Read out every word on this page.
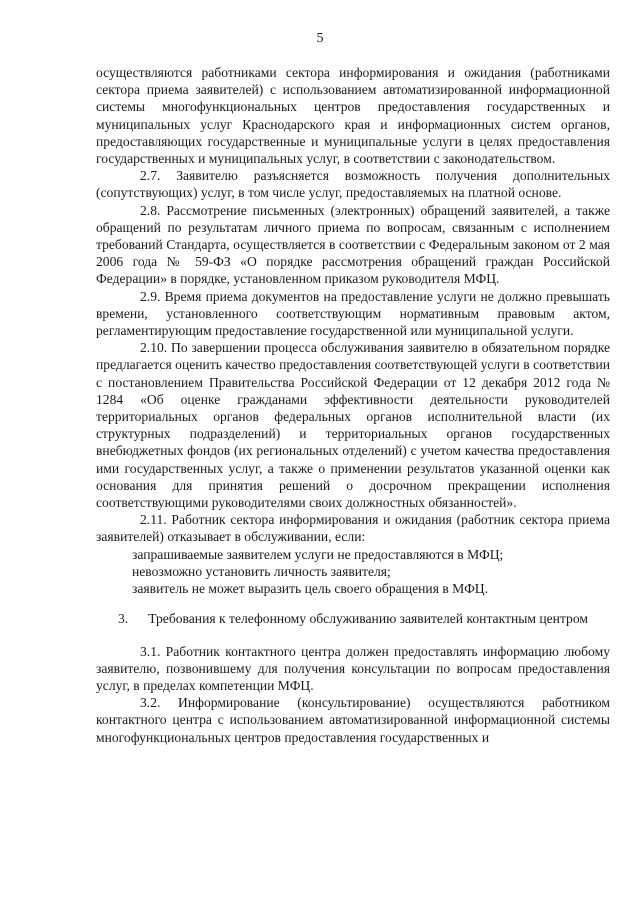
5

осуществляются работниками сектора информирования и ожидания (работниками сектора приема заявителей) с использованием автоматизированной информационной системы многофункциональных центров предоставления государственных и муниципальных услуг Краснодарского края и информационных систем органов, предоставляющих государственные и муниципальные услуги в целях предоставления государственных и муниципальных услуг, в соответствии с законодательством.

2.7. Заявителю разъясняется возможность получения дополнительных (сопутствующих) услуг, в том числе услуг, предоставляемых на платной основе.

2.8. Рассмотрение письменных (электронных) обращений заявителей, а также обращений по результатам личного приема по вопросам, связанным с исполнением требований Стандарта, осуществляется в соответствии с Федеральным законом от 2 мая 2006 года № 59-ФЗ «О порядке рассмотрения обращений граждан Российской Федерации» в порядке, установленном приказом руководителя МФЦ.

2.9. Время приема документов на предоставление услуги не должно превышать времени, установленного соответствующим нормативным правовым актом, регламентирующим предоставление государственной или муниципальной услуги.

2.10. По завершении процесса обслуживания заявителю в обязательном порядке предлагается оценить качество предоставления соответствующей услуги в соответствии с постановлением Правительства Российской Федерации от 12 декабря 2012 года № 1284 «Об оценке гражданами эффективности деятельности руководителей территориальных органов федеральных органов исполнительной власти (их структурных подразделений) и территориальных органов государственных внебюджетных фондов (их региональных отделений) с учетом качества предоставления ими государственных услуг, а также о применении результатов указанной оценки как основания для принятия решений о досрочном прекращении исполнения соответствующими руководителями своих должностных обязанностей».

2.11. Работник сектора информирования и ожидания (работник сектора приема заявителей) отказывает в обслуживании, если:

запрашиваемые заявителем услуги не предоставляются в МФЦ;

невозможно установить личность заявителя;

заявитель не может выразить цель своего обращения в МФЦ.

3. Требования к телефонному обслуживанию заявителей контактным центром

3.1. Работник контактного центра должен предоставлять информацию любому заявителю, позвонившему для получения консультации по вопросам предоставления услуг, в пределах компетенции МФЦ.

3.2. Информирование (консультирование) осуществляются работником контактного центра с использованием автоматизированной информационной системы многофункциональных центров предоставления государственных и
